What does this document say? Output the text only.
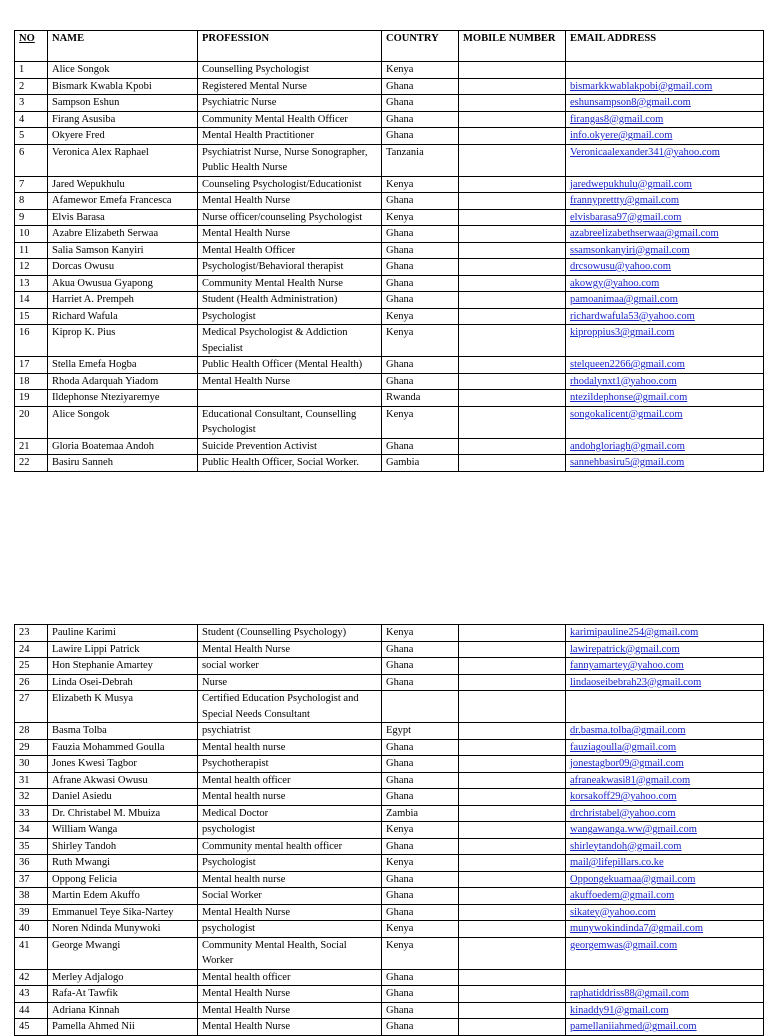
NO	NAME	PROFESSION	COUNTRY	MOBILE NUMBER	EMAIL ADDRESS
1	Alice Songok	Counselling Psychologist	Kenya		
2	Bismark Kwabla Kpobi	Registered Mental Nurse	Ghana		bismarkkwablakpobi@gmail.com
3	Sampson Eshun	Psychiatric Nurse	Ghana		eshunsampson8@gmail.com
4	Firang Asusiba	Community Mental Health Officer	Ghana		firangas8@gmail.com
5	Okyere Fred	Mental Health Practitioner	Ghana		info.okyere@gmail.com
6	Veronica Alex Raphael	Psychiatrist Nurse, Nurse Sonographer, Public Health Nurse	Tanzania		Veronicaalexander341@yahoo.com
7	Jared Wepukhulu	Counseling Psychologist/Educationist	Kenya		jaredwepukhulu@gmail.com
8	Afamewor Emefa Francesca	Mental Health Nurse	Ghana		frannyprettty@gmail.com
9	Elvis Barasa	Nurse officer/counseling Psychologist	Kenya		elvisbarasa97@gmail.com
10	Azabre Elizabeth Serwaa	Mental Health Nurse	Ghana		azabreelizabethserwaa@gmail.com
11	Salia Samson Kanyiri	Mental Health Officer	Ghana		ssamsonkanyiri@gmail.com
12	Dorcas Owusu	Psychologist/Behavioral therapist	Ghana		drcsowusu@yahoo.com
13	Akua Owusua Gyapong	Community Mental Health Nurse	Ghana		akowgy@yahoo.com
14	Harriet A. Prempeh	Student (Health Administration)	Ghana		pamoanimaa@gmail.com
15	Richard Wafula	Psychologist	Kenya		richardwafula53@yahoo.com
16	Kiprop K. Pius	Medical Psychologist & Addiction Specialist	Kenya		kiproppius3@gmail.com
17	Stella Emefa Hogba	Public Health Officer (Mental Health)	Ghana		stelqueen2266@gmail.com
18	Rhoda Adarquah Yiadom	Mental Health Nurse	Ghana		rhodalynxt1@yahoo.com
19	Ildephonse Nteziyaremye		Rwanda		ntezildephonse@gmail.com
20	Alice Songok	Educational Consultant, Counselling Psychologist	Kenya		songokalicent@gmail.com
21	Gloria Boatemaa Andoh	Suicide Prevention Activist	Ghana		andohgloriagh@gmail.com
22	Basiru Sanneh	Public Health Officer, Social Worker.	Gambia		sannehbasiru5@gmail.com
23	Pauline Karimi	Student (Counselling Psychology)	Kenya		karimipauline254@gmail.com
24	Lawire Lippi Patrick	Mental Health Nurse	Ghana		lawirepatrick@gmail.com
25	Hon Stephanie Amartey	social worker	Ghana		fannyamartey@yahoo.com
26	Linda Osei-Debrah	Nurse	Ghana		lindaoseibebrah23@gmail.com
27	Elizabeth K Musya	Certified Education Psychologist and Special Needs Consultant			
28	Basma Tolba	psychiatrist	Egypt		dr.basma.tolba@gmail.com
29	Fauzia Mohammed Goulla	Mental health nurse	Ghana		fauziagoulla@gmail.com
30	Jones Kwesi Tagbor	Psychotherapist	Ghana		jonestagbor09@gmail.com
31	Afrane Akwasi Owusu	Mental health officer	Ghana		afraneakwasi81@gmail.com
32	Daniel Asiedu	Mental health nurse	Ghana		korsakoff29@yahoo.com
33	Dr. Christabel M. Mbuiza	Medical Doctor	Zambia		drchristabel@yahoo.com
34	William Wanga	psychologist	Kenya		wangawanga.ww@gmail.com
35	Shirley Tandoh	Community mental health officer	Ghana		shirleytandoh@gmail.com
36	Ruth Mwangi	Psychologist	Kenya		mail@lifepillars.co.ke
37	Oppong Felicia	Mental health nurse	Ghana		Oppongekuamaa@gmail.com
38	Martin Edem Akuffo	Social Worker	Ghana		akuffoedem@gmail.com
39	Emmanuel Teye Sika-Nartey	Mental Health Nurse	Ghana		sikatey@yahoo.com
40	Noren Ndinda Munywoki	psychologist	Kenya		munywokindinda7@gmail.com
41	George Mwangi	Community Mental Health, Social Worker	Kenya		georgemwas@gmail.com
42	Merley Adjalogo	Mental health officer	Ghana		
43	Rafa-At Tawfik	Mental Health Nurse	Ghana		raphatiddriss88@gmail.com
44	Adriana Kinnah	Mental Health Nurse	Ghana		kinaddy91@gmail.com
45	Pamella Ahmed Nii	Mental Health Nurse	Ghana		pamellaniiahmed@gmail.com
